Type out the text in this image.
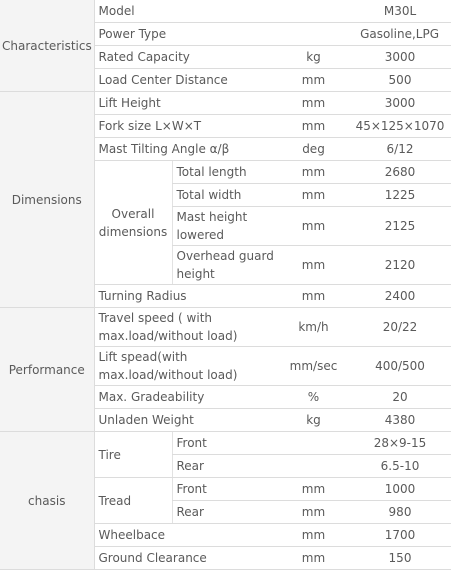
Characteristics	Model			M30L
	Power Type			Gasoline,LPG
	Rated Capacity		kg	3000
	Load Center Distance		mm	500
Dimensions	Lift Height		mm	3000
	Fork size L×W×T		mm	45×125×1070
	Mast Tilting Angle α/β		deg	6/12
	Overall dimensions	Total length	mm	2680
		Total width	mm	1225
		Mast height lowered	mm	2125
		Overhead guard height	mm	2120
	Turning Radius		mm	2400
Performance	Travel speed ( with max.load/without load)		km/h	20/22
	Lift spead(with max.load/without load)		mm/sec	400/500
	Max. Gradeability		%	20
	Unladen Weight		kg	4380
chasis	Tire	Front		28×9-15
		Rear		6.5-10
	Tread	Front	mm	1000
		Rear	mm	980
	Wheelbace		mm	1700
	Ground Clearance		mm	150
